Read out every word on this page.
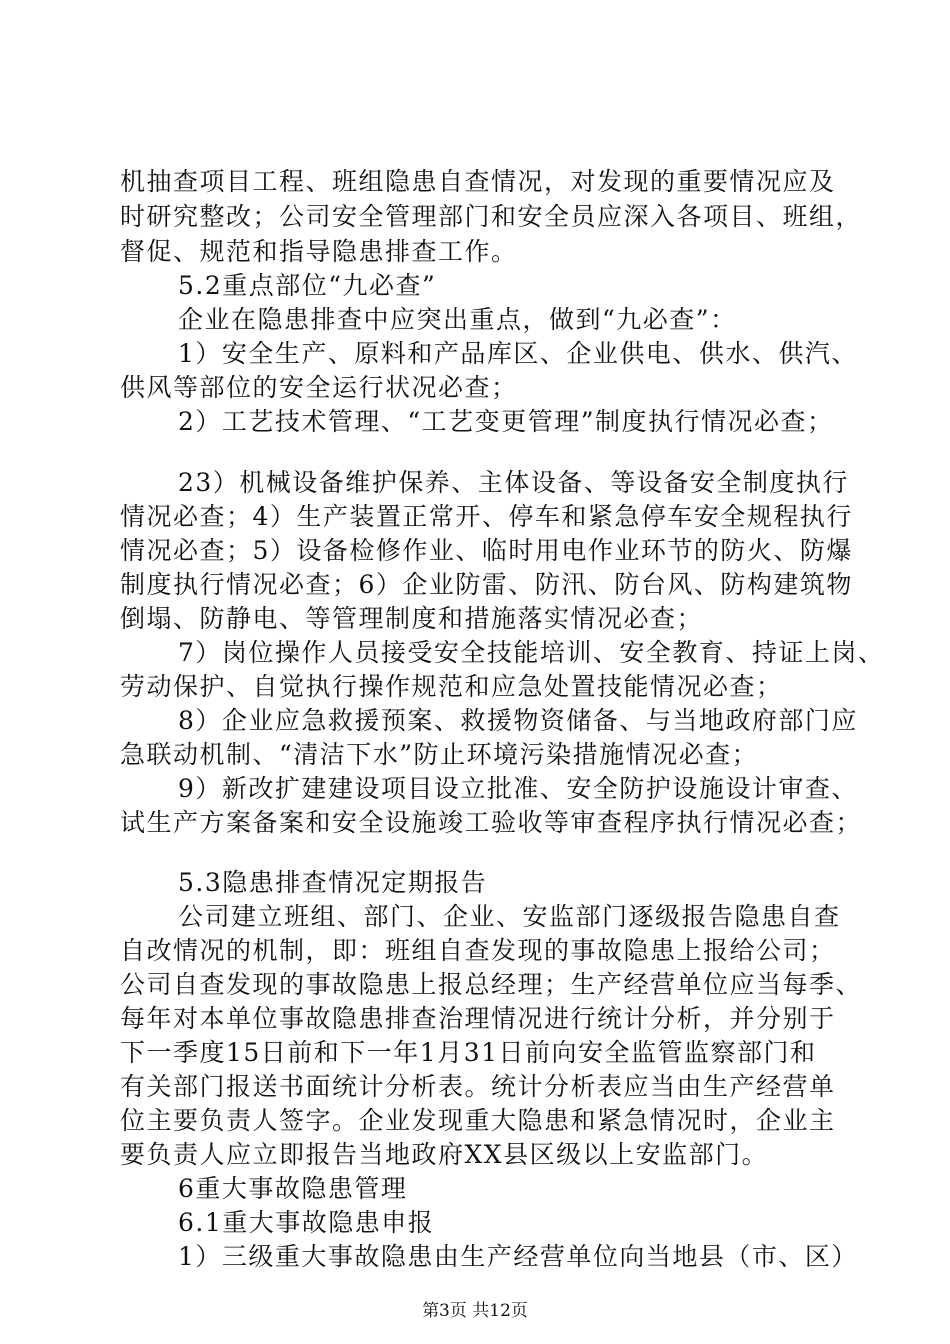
机抽查项目工程、班组隐患自查情况，对发现的重要情况应及
时研究整改；公司安全管理部门和安全员应深入各项目、班组，
督促、规范和指导隐患排查工作。
5.2重点部位“九必查”
企业在隐患排查中应突出重点，做到“九必查”：
1）安全生产、原料和产品库区、企业供电、供水、供汽、
供风等部位的安全运行状况必查；
2）工艺技术管理、“工艺变更管理”制度执行情况必查；
23）机械设备维护保养、主体设备、等设备安全制度执行
情况必查；4）生产装置正常开、停车和紧急停车安全规程执行
情况必查；5）设备检修作业、临时用电作业环节的防火、防爆
制度执行情况必查；6）企业防雷、防汛、防台风、防构建筑物
倒塌、防静电、等管理制度和措施落实情况必查；
7）岗位操作人员接受安全技能培训、安全教育、持证上岗、
劳动保护、自觉执行操作规范和应急处置技能情况必查；
8）企业应急救援预案、救援物资储备、与当地政府部门应
急联动机制、“清洁下水”防止环境污染措施情况必查；
9）新改扩建建设项目设立批准、安全防护设施设计审查、
试生产方案备案和安全设施竣工验收等审查程序执行情况必查；
5.3隐患排查情况定期报告
公司建立班组、部门、企业、安监部门逐级报告隐患自查
自改情况的机制，即：班组自查发现的事故隐患上报给公司；
公司自查发现的事故隐患上报总经理；生产经营单位应当每季、
每年对本单位事故隐患排查治理情况进行统计分析，并分别于
下一季度15日前和下一年1月31日前向安全监管监察部门和
有关部门报送书面统计分析表。统计分析表应当由生产经营单
位主要负责人签字。企业发现重大隐患和紧急情况时，企业主
要负责人应立即报告当地政府XX县区级以上安监部门。
6重大事故隐患管理
6.1重大事故隐患申报
1）三级重大事故隐患由生产经营单位向当地县（市、区）
第3页 共12页
